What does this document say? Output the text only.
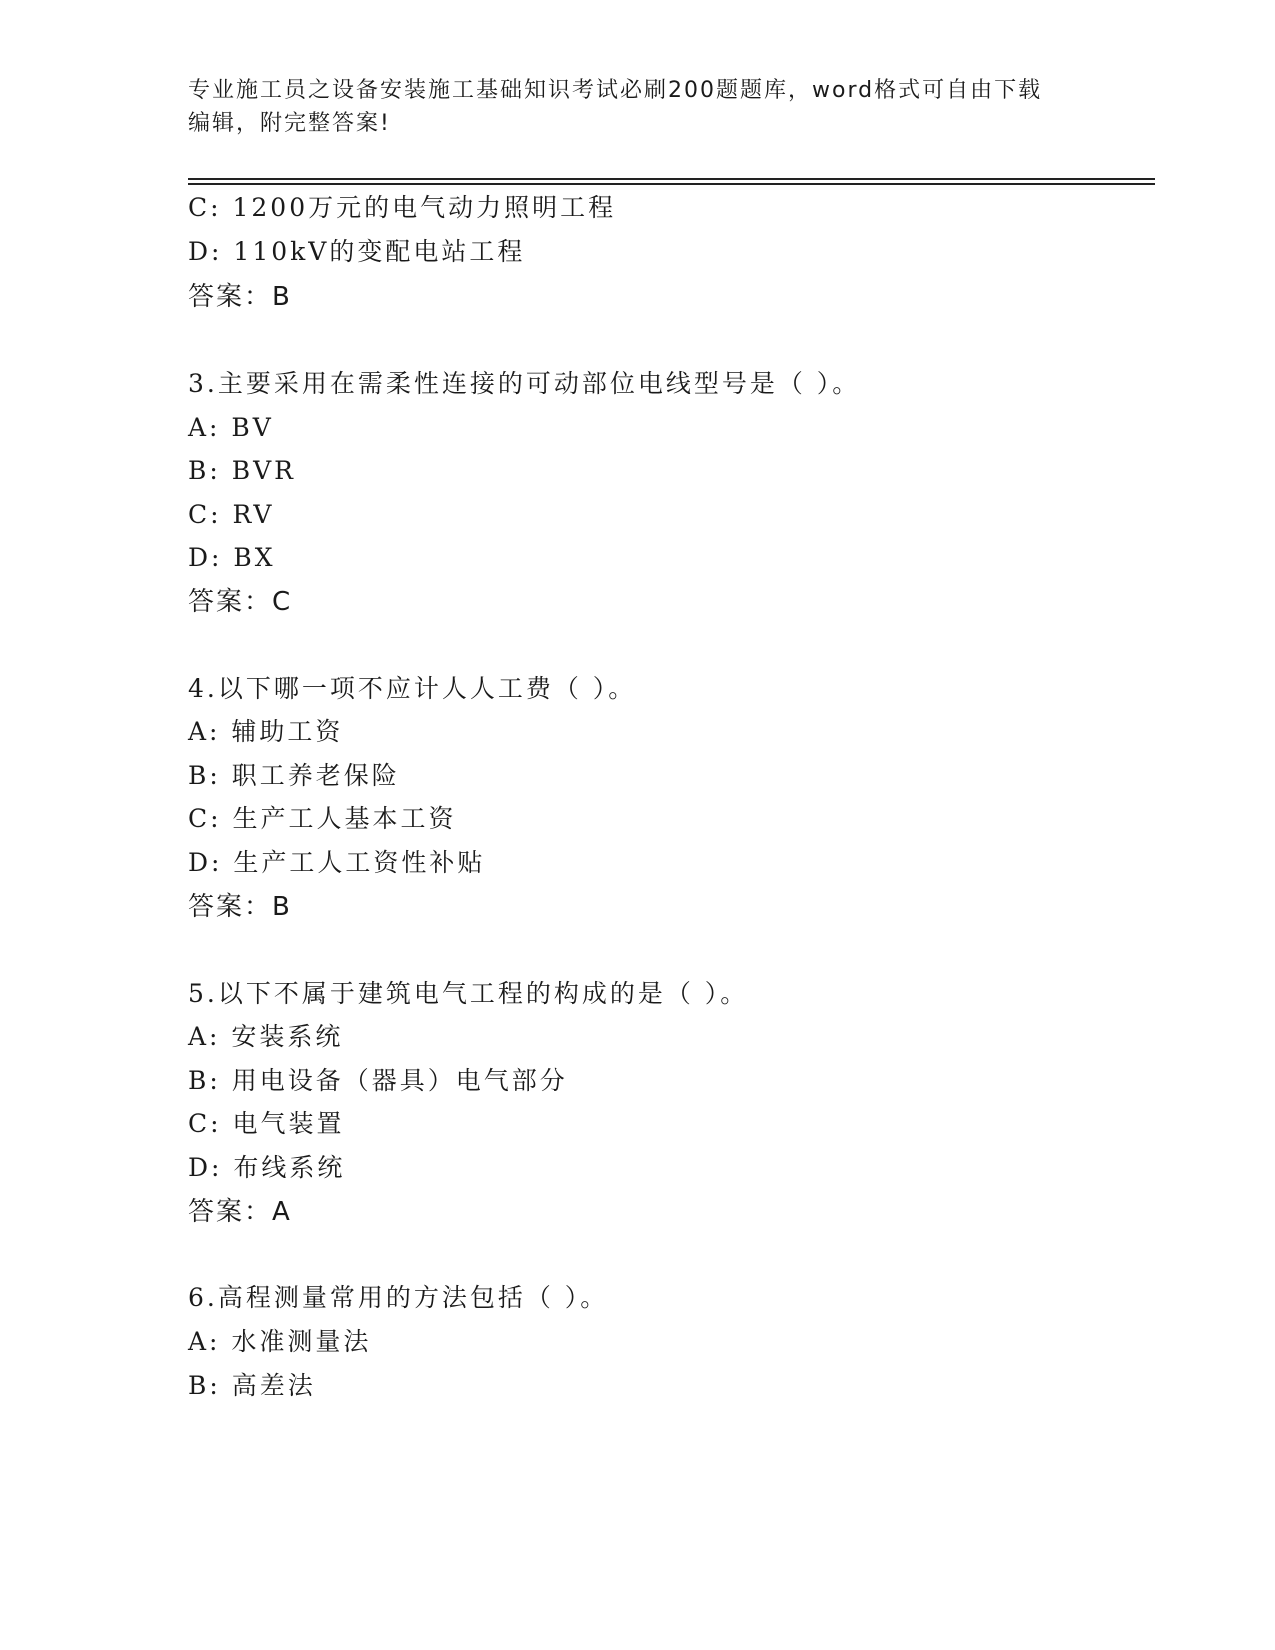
专业施工员之设备安装施工基础知识考试必刷200题题库，word格式可自由下载
编辑，附完整答案!
C: 1200万元的电气动力照明工程
D: 110kV的变配电站工程
答案：B
3.主要采用在需柔性连接的可动部位电线型号是（ ）。
A: BV
B: BVR
C: RV
D: BX
答案：C
4.以下哪一项不应计人人工费（ ）。
A: 辅助工资
B: 职工养老保险
C: 生产工人基本工资
D: 生产工人工资性补贴
答案：B
5.以下不属于建筑电气工程的构成的是（ ）。
A: 安装系统
B: 用电设备（器具）电气部分
C: 电气装置
D: 布线系统
答案：A
6.高程测量常用的方法包括（ ）。
A: 水准测量法
B: 高差法
